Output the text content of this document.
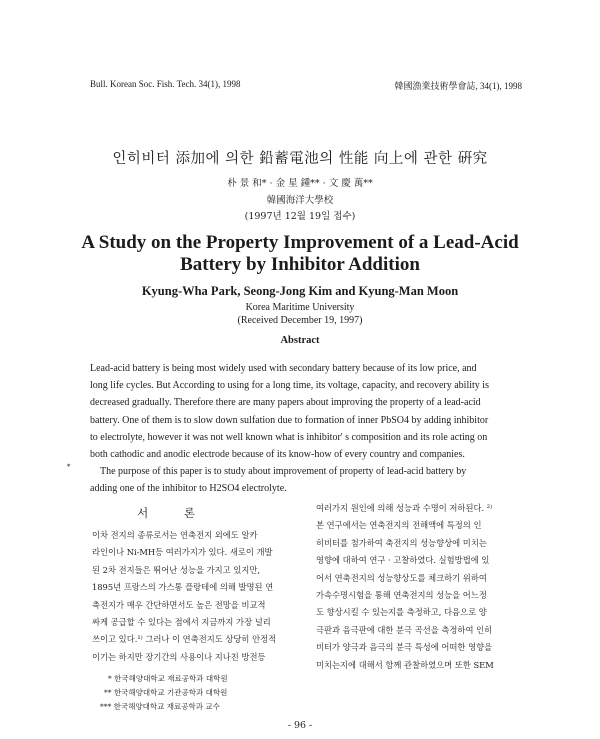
Bull. Korean Soc. Fish. Tech. 34(1), 1998	韓國漁業技術學會誌, 34(1), 1998
인히비터 添加에 의한 鉛蓄電池의 性能 向上에 관한 硏究
朴 景 和* · 金 星 鍾** · 文 慶 萬**
韓國海洋大學校
(1997년 12월 19일 접수)
A Study on the Property Improvement of a Lead-Acid
Battery by Inhibitor Addition
Kyung-Wha Park, Seong-Jong Kim and Kyung-Man Moon
Korea Maritime University
(Received December 19, 1997)
Abstract

Lead-acid battery is being most widely used with secondary battery because of its low price, and
long life cycles. But According to using for a long time, its voltage, capacity, and recovery ability is
decreased gradually. Therefore there are many papers about improving the property of a lead-acid
battery. One of them is to slow down sulfation due to formation of inner PbSO4 by adding inhibitor
to electrolyte, however it was not well known what is inhibitor' s composition and its role acting on
both cathodic and anodic electrode because of its know-how of every country and companies.

The purpose of this paper is to study about improvement of property of lead-acid battery by
adding one of the inhibitor to H2SO4 electrolyte.

*
서 론
이차 전지의 종류로서는 연축전지 외에도 알카
라인이나 Ni-MH등 여러가지가 있다. 새로이 개발
된 2차 전지들은 뛰어난 성능을 가지고 있지만,
1895년 프랑스의 가스통 플랑테에 의해 발명된 연
축전지가 매우 간단하면서도 높은 전망을 비교적
싸게 공급할 수 있다는 점에서 지금까지 가장 널리
쓰이고 있다.¹⁾ 그러나 이 연축전지도 상당히 안정적
이기는 하지만 장기간의 사용이나 지나친 방전등
여러가지 원인에 의해 성능과 수명이 저하된다. ²⁾
본 연구에서는 연축전지의 전해액에 특정의 인
히비터를 첨가하여 축전지의 성능향상에 미치는
영향에 대하여 연구 · 고찰하였다. 실험방법에 있
어서 연축전지의 성능향상도를 체크하기 위하여
가속수명시험을 통해 연축전지의 성능을 어느정
도 향상시킬 수 있는지를 측정하고, 다음으로 양
극판과 음극판에 대한 분극 곡선을 측정하여 인히
비터가 양극과 음극의 분극 특성에 어떠한 영향을
미치는지에 대해서 함께 관찰하였으며 또한 SEM
* 한국해양대학교 재료공학과 대학원
** 한국해양대학교 기관공학과 대학원
*** 한국해양대학교 재료공학과 교수
- 96 -
